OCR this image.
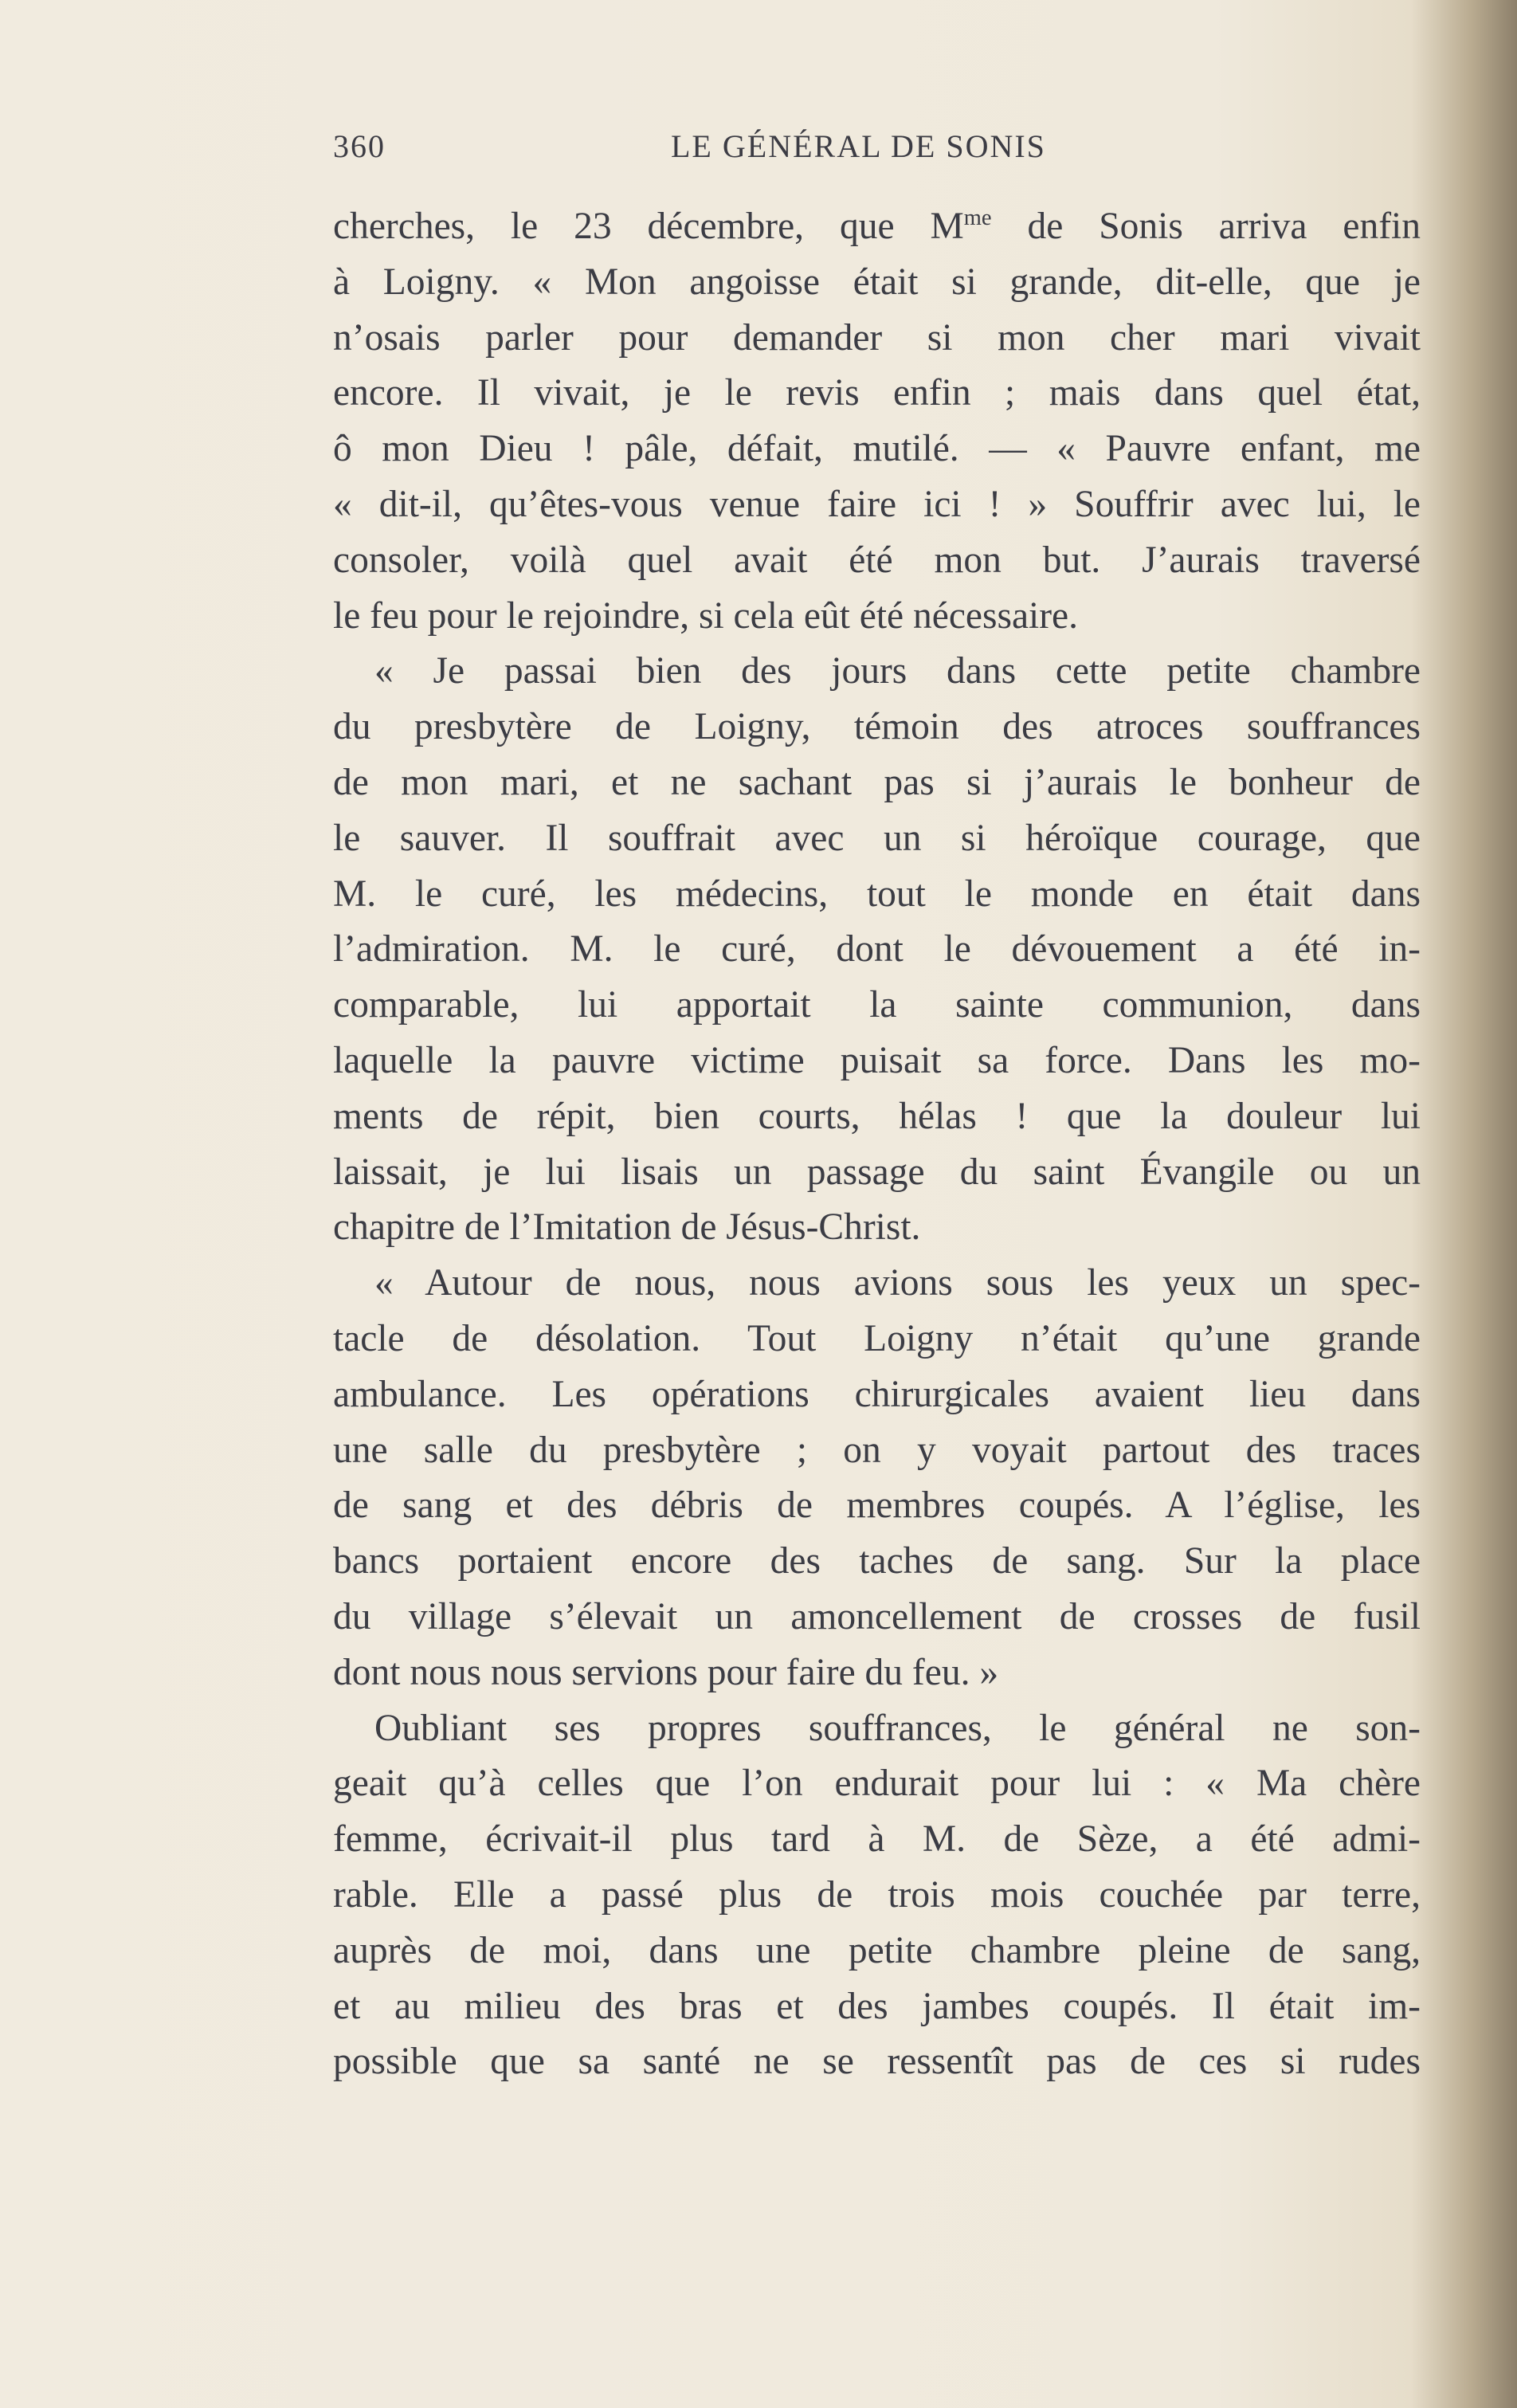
360	LE GÉNÉRAL DE SONIS
cherches, le 23 décembre, que $M^{me}$ de Sonis arriva enfin
à Loigny. « Mon angoisse était si grande, dit-elle, que je
n’osais parler pour demander si mon cher mari vivait
encore. Il vivait, je le revis enfin ; mais dans quel état,
ô mon Dieu ! pâle, défait, mutilé. — « Pauvre enfant, me
« dit-il, qu’êtes-vous venue faire ici ! » Souffrir avec lui, le
consoler, voilà quel avait été mon but. J’aurais traversé
le feu pour le rejoindre, si cela eût été nécessaire.
« Je passai bien des jours dans cette petite chambre
du presbytère de Loigny, témoin des atroces souffrances
de mon mari, et ne sachant pas si j’aurais le bonheur de
le sauver. Il souffrait avec un si héroïque courage, que
M. le curé, les médecins, tout le monde en était dans
l’admiration. M. le curé, dont le dévouement a été in-
comparable, lui apportait la sainte communion, dans
laquelle la pauvre victime puisait sa force. Dans les mo-
ments de répit, bien courts, hélas ! que la douleur lui
laissait, je lui lisais un passage du saint Évangile ou un
chapitre de l’Imitation de Jésus-Christ.
« Autour de nous, nous avions sous les yeux un spec-
tacle de désolation. Tout Loigny n’était qu’une grande
ambulance. Les opérations chirurgicales avaient lieu dans
une salle du presbytère ; on y voyait partout des traces
de sang et des débris de membres coupés. A l’église, les
bancs portaient encore des taches de sang. Sur la place
du village s’élevait un amoncellement de crosses de fusil
dont nous nous servions pour faire du feu. »
Oubliant ses propres souffrances, le général ne son-
geait qu’à celles que l’on endurait pour lui : « Ma chère
femme, écrivait-il plus tard à M. de Sèze, a été admi-
rable. Elle a passé plus de trois mois couchée par terre,
auprès de moi, dans une petite chambre pleine de sang,
et au milieu des bras et des jambes coupés. Il était im-
possible que sa santé ne se ressentît pas de ces si rudes
